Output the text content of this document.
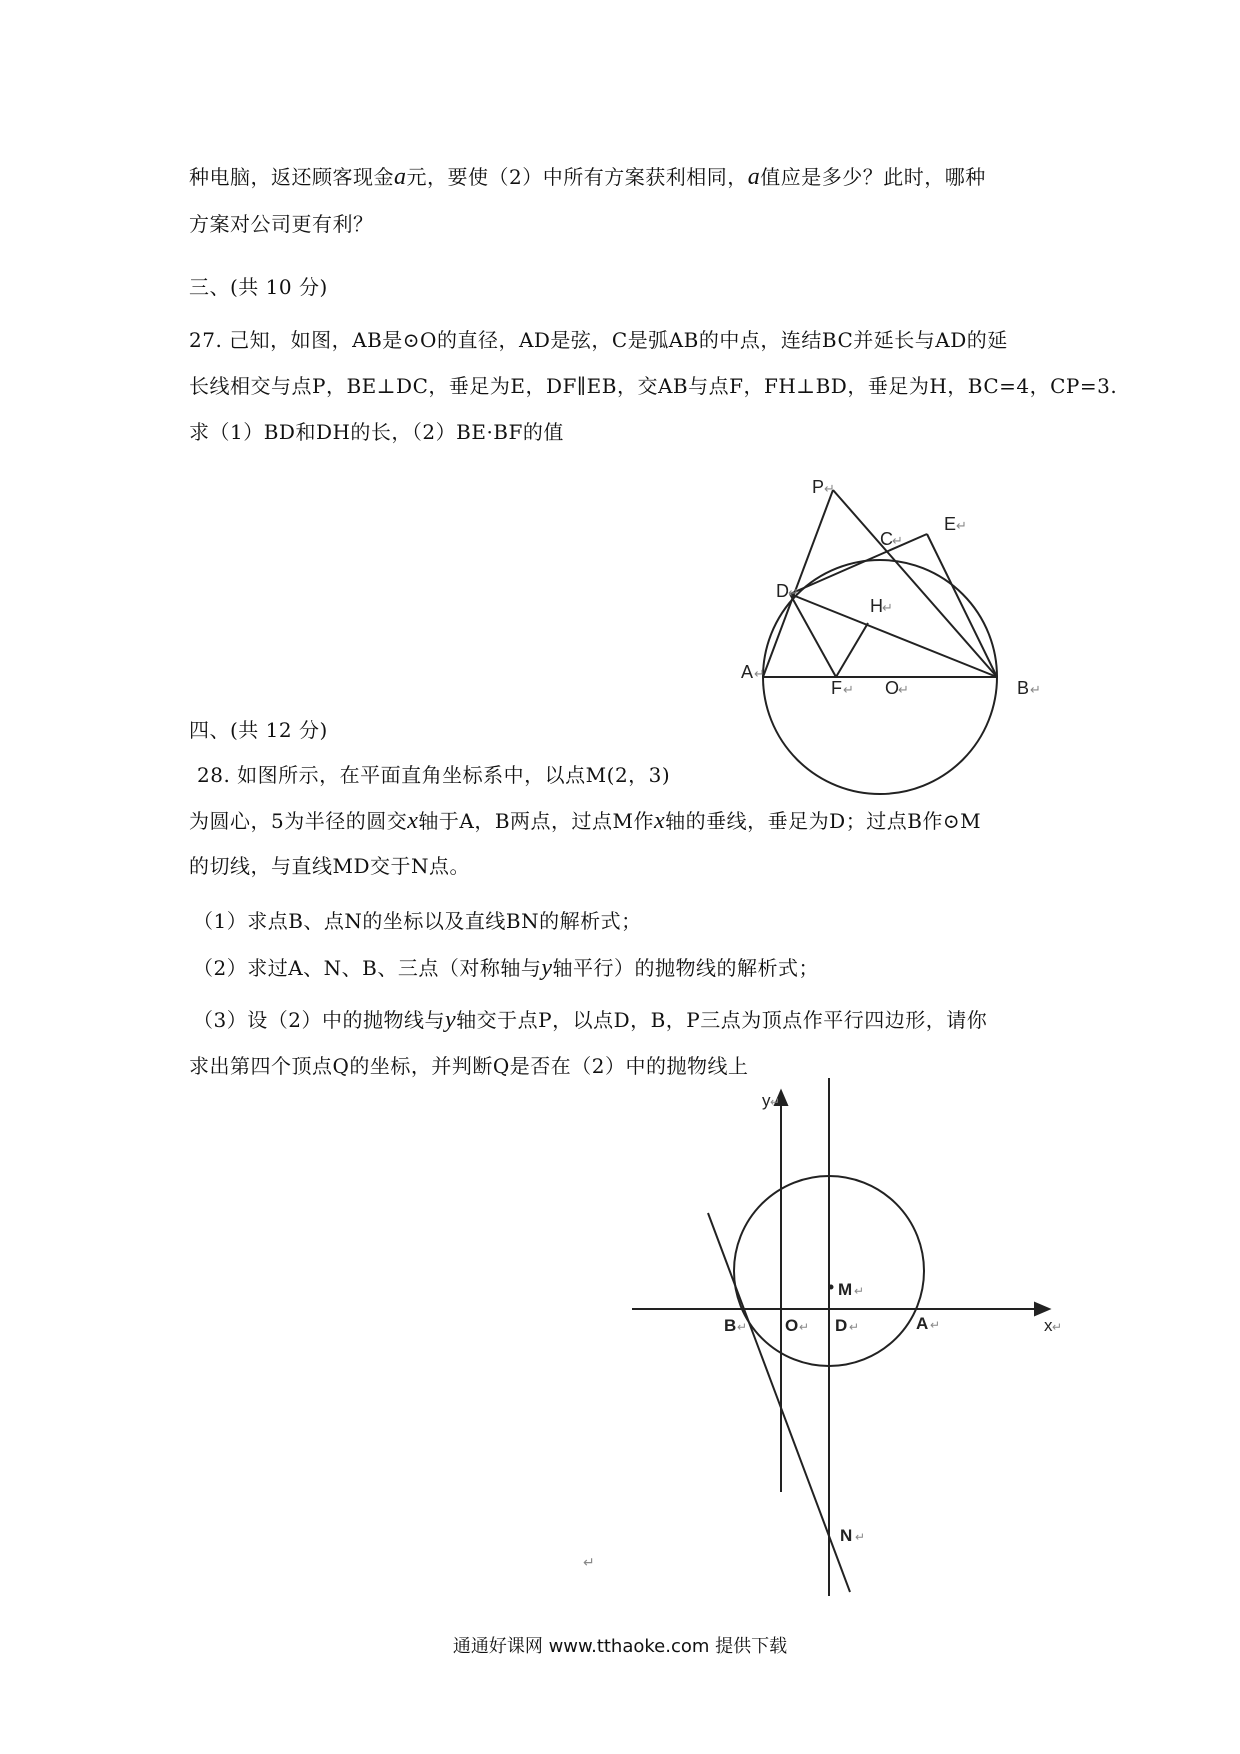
种电脑，返还顾客现金a元，要使（2）中所有方案获利相同，a值应是多少？此时，哪种
方案对公司更有利？
三、(共 10 分)
27. 己知，如图，AB是⊙O的直径，AD是弦，C是弧AB的中点，连结BC并延长与AD的延
长线相交与点P，BE⊥DC，垂足为E，DF∥EB，交AB与点F，FH⊥BD，垂足为H，BC=4，CP=3.
求（1）BD和DH的长，（2）BE·BF的值
P ↵
E ↵
C ↵
D ↵
H ↵
A ↵
F ↵ O
↵	B ↵
四、(共 12 分)
28. 如图所示，在平面直角坐标系中，以点M(2，3)
为圆心，5为半径的圆交x轴于A，B两点，过点M作x轴的垂线，垂足为D；过点B作⊙M
的切线，与直线MD交于N点。
（1）求点B、点N的坐标以及直线BN的解析式；
（2）求过A、N、B、三点（对称轴与y轴平行）的抛物线的解析式；
（3）设（2）中的抛物线与y轴交于点P，以点D，B，P三点为顶点作平行四边形，请你
求出第四个顶点Q的坐标，并判断Q是否在（2）中的抛物线上
y ↵
x ↵
M ↵
B ↵ O ↵ D ↵	A ↵
N ↵
↵
通通好课网 www.tthaoke.com 提供下载
